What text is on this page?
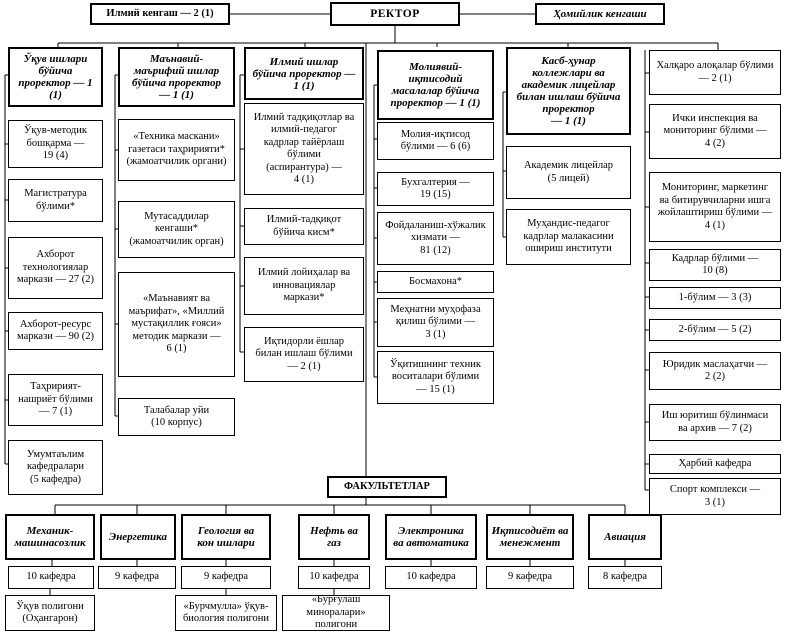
Илмий кенгаш — 2 (1)	РЕКТОР	Ҳомийлик кенгаши
Ўқув ишлари
бўйича
проректор — 1
(1)
Ўқув-методик
бошқарма —
19 (4)
Магистратура
бўлими*
Ахборот
технологиялар
маркази — 27 (2)
Ахборот-ресурс
маркази — 90 (2)
Таҳририят-
нашриёт бўлими
— 7 (1)
Умумтаълим
кафедралари
(5 кафедра)
Маънавий-
маърифий ишлар
бўйича проректор
— 1 (1)
«Техника маскани»
газетаси таҳририяти*
(жамоатчилик органи)
Мутасаддилар
кенгаши*
(жамоатчилик орган)
«Маънавият ва
маърифат», «Миллий
мустақиллик ғояси»
методик маркази —
6 (1)
Талабалар уйи
(10 корпус)
Илмий ишлар
бўйича проректор —
1 (1)
Илмий тадқиқотлар ва
илмий-педагог
кадрлар тайёрлаш
бўлими
(аспирантура) —
4 (1)
Илмий-тадқиқот
бўйича кисм*
Илмий лойиҳалар ва
инновациялар
маркази*
Иқтидорли ёшлар
билан ишлаш бўлими
— 2 (1)
Молиявий-
иқтисодий
масалалар бўйича
проректор — 1 (1)
Молия-иқтисод
бўлими — 6 (6)
Бухгалтерия —
19 (15)
Фойдаланиш-хўжалик
хизмати —
81 (12)
Босмахона*
Меҳнатни муҳофаза
қилиш бўлими —
3 (1)
Ўқитишнинг техник
воситалари бўлими
— 15 (1)
Касб-ҳунар
коллежлари ва
академик лицейлар
билан ишлаш бўйича
проректор
— 1 (1)
Академик лицейлар
(5 лицей)
Муҳандис-педагог
кадрлар малакасини
ошириш институти
Халқаро алоқалар бўлими
— 2 (1)
Ички инспекция ва
мониторинг бўлими —
4 (2)
Мониторинг, маркетинг
ва битирувчиларни ишга
жойлаштириш бўлими —
4 (1)
Кадрлар бўлими —
10 (8)
1-бўлим — 3 (3)
2-бўлим — 5 (2)
Юридик маслаҳатчи —
2 (2)
Иш юритиш бўлинмаси
ва архив — 7 (2)
Ҳарбий кафедра
Спорт комплекси —
3 (1)
ФАКУЛЬТЕТЛАР
Механик-
машинасозлик	Энергетика	Геология ва
кон ишлари
Нефть ва
газ
Электроника
ва автоматика
Иқтисодиёт ва
менежмент	Авиация
10 кафедра	9 кафедра	9 кафедра	10 кафедра	10 кафедра	9 кафедра	8 кафедра
Ўқув полигони
(Оҳангарон)
«Бурчмулла» ўқув-
биология полигони
«Бурғулаш миноралари»
полигони
